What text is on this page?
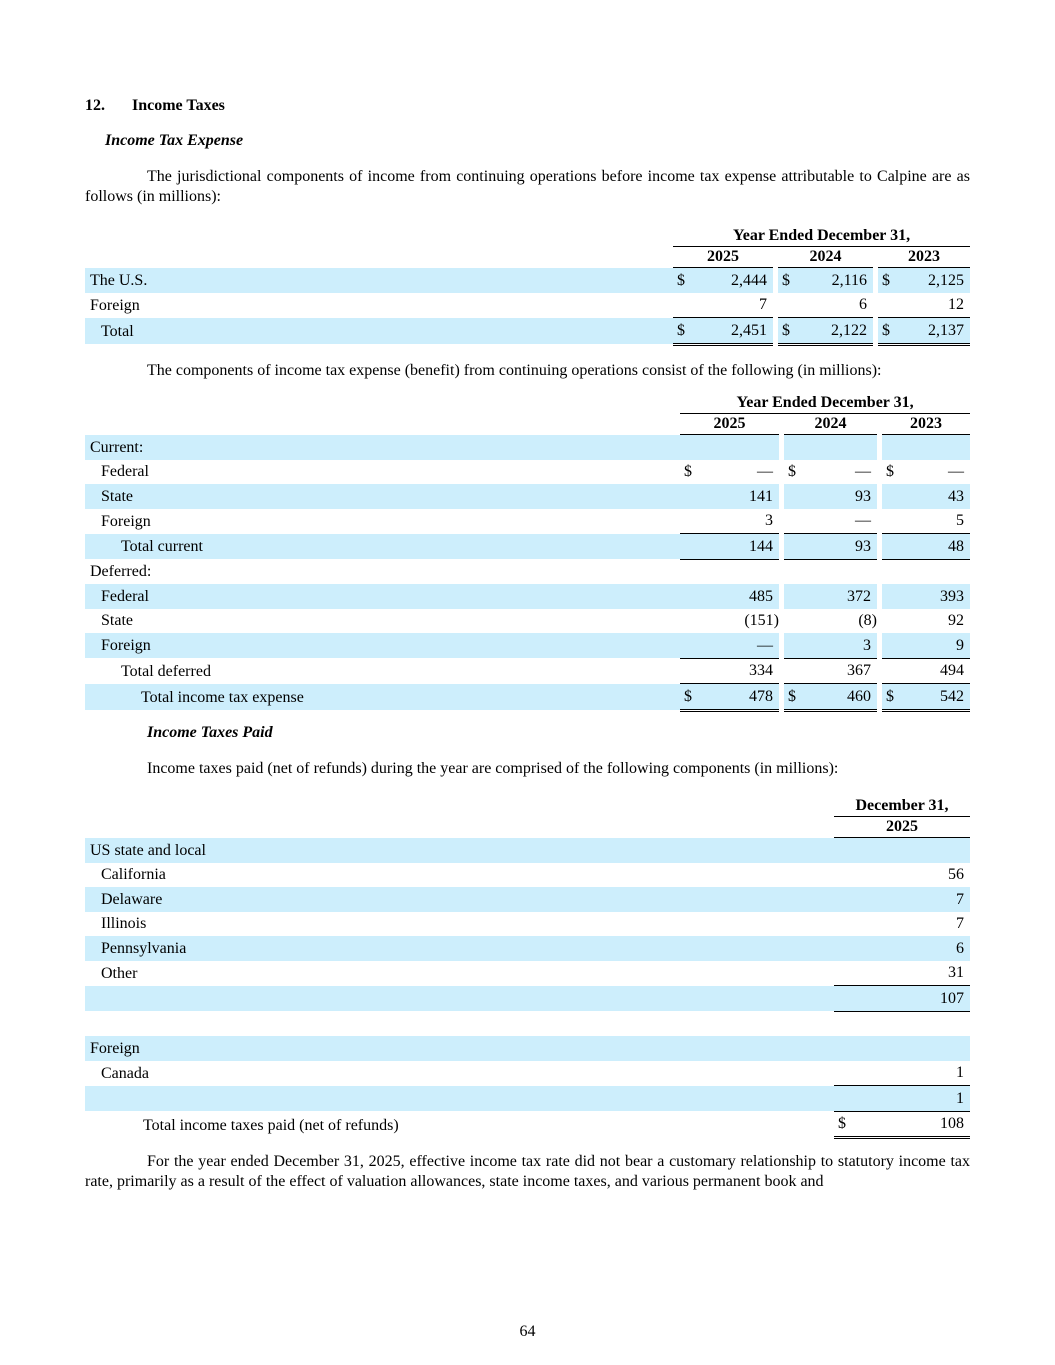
12. Income Taxes
Income Tax Expense
The jurisdictional components of income from continuing operations before income tax expense attributable to Calpine are as follows (in millions):
	Year Ended December 31,							
	2025			2024			2023	
The U.S.	$	2,444		$	2,116		$	2,125
Foreign		7			6			12
Total	$	2,451		$	2,122		$	2,137
The components of income tax expense (benefit) from continuing operations consist of the following (in millions):
	Year Ended December 31,							
	2025			2024			2023	
Current:								
Federal	$	—		$	—		$	—
State		141			93			43
Foreign		3			—			5
Total current		144			93			48
Deferred:								
Federal		485			372			393
State		(151)			(8)			92
Foreign		—			3			9
Total deferred		334			367			494
Total income tax expense	$	478		$	460		$	542
Income Taxes Paid
Income taxes paid (net of refunds) during the year are comprised of the following components (in millions):
	December 31,	
	2025	
US state and local		
California		56
Delaware		7
Illinois		7
Pennsylvania		6
Other		31
		107

Foreign		
Canada		1
		1
Total income taxes paid (net of refunds)	$	108
For the year ended December 31, 2025, effective income tax rate did not bear a customary relationship to statutory income tax rate, primarily as a result of the effect of valuation allowances, state income taxes, and various permanent book and
64
